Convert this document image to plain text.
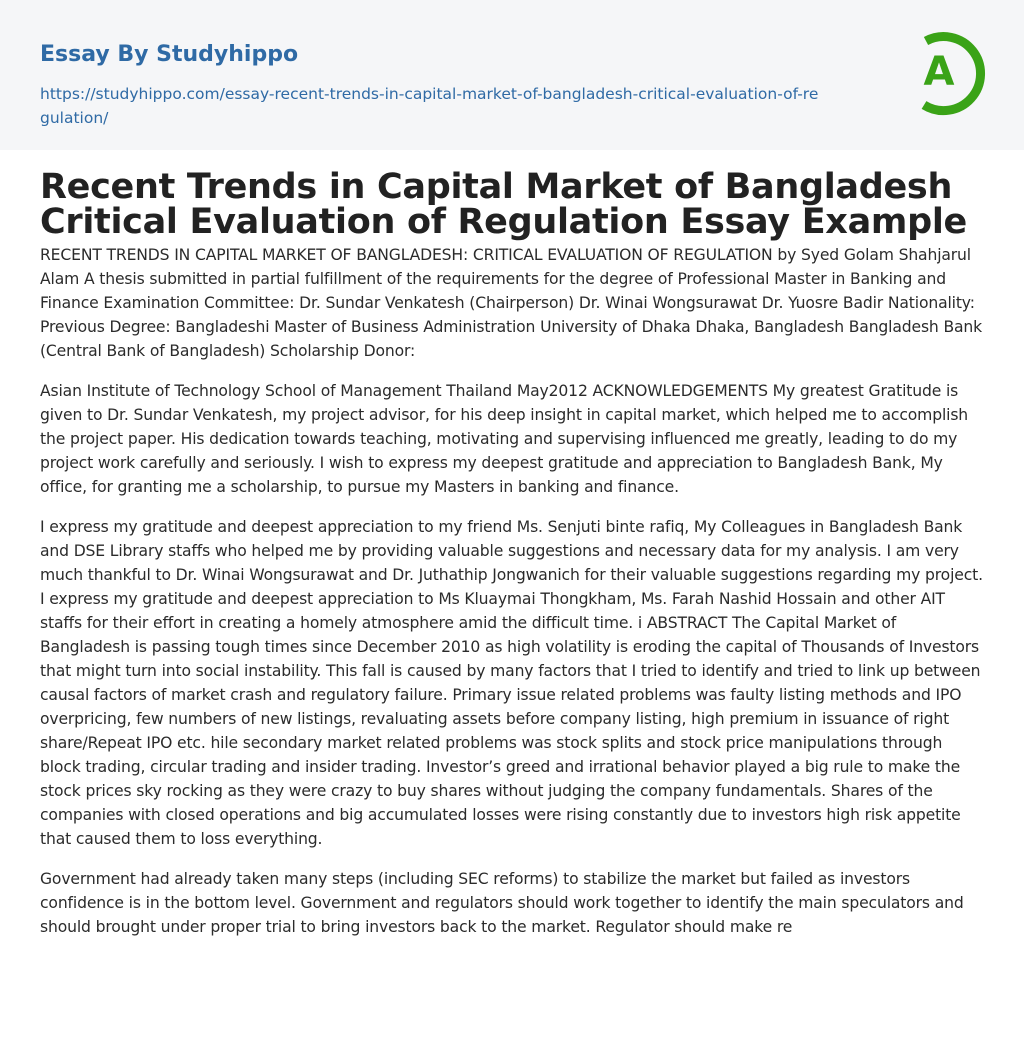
Essay By Studyhippo
https://studyhippo.com/essay-recent-trends-in-capital-market-of-bangladesh-critical-evaluation-of-regulation/
A
Recent Trends in Capital Market of Bangladesh Critical Evaluation of Regulation Essay Example

RECENT TRENDS IN CAPITAL MARKET OF BANGLADESH: CRITICAL EVALUATION OF REGULATION by Syed Golam Shahjarul Alam A thesis submitted in partial fulfillment of the requirements for the degree of Professional Master in Banking and Finance Examination Committee: Dr. Sundar Venkatesh (Chairperson) Dr. Winai Wongsurawat Dr. Yuosre Badir Nationality: Previous Degree: Bangladeshi Master of Business Administration University of Dhaka Dhaka, Bangladesh Bangladesh Bank (Central Bank of Bangladesh) Scholarship Donor:

Asian Institute of Technology School of Management Thailand May2012 ACKNOWLEDGEMENTS My greatest Gratitude is given to Dr. Sundar Venkatesh, my project advisor, for his deep insight in capital market, which helped me to accomplish the project paper. His dedication towards teaching, motivating and supervising influenced me greatly, leading to do my project work carefully and seriously. I wish to express my deepest gratitude and appreciation to Bangladesh Bank, My office, for granting me a scholarship, to pursue my Masters in banking and finance.

I express my gratitude and deepest appreciation to my friend Ms. Senjuti binte rafiq, My Colleagues in Bangladesh Bank and DSE Library staffs who helped me by providing valuable suggestions and necessary data for my analysis. I am very much thankful to Dr. Winai Wongsurawat and Dr. Juthathip Jongwanich for their valuable suggestions regarding my project. I express my gratitude and deepest appreciation to Ms Kluaymai Thongkham, Ms. Farah Nashid Hossain and other AIT staffs for their effort in creating a homely atmosphere amid the difficult time. i ABSTRACT The Capital Market of Bangladesh is passing tough times since December 2010 as high volatility is eroding the capital of Thousands of Investors that might turn into social instability. This fall is caused by many factors that I tried to identify and tried to link up between causal factors of market crash and regulatory failure. Primary issue related problems was faulty listing methods and IPO overpricing, few numbers of new listings, revaluating assets before company listing, high premium in issuance of right share/Repeat IPO etc. hile secondary market related problems was stock splits and stock price manipulations through block trading, circular trading and insider trading. Investor’s greed and irrational behavior played a big rule to make the stock prices sky rocking as they were crazy to buy shares without judging the company fundamentals. Shares of the companies with closed operations and big accumulated losses were rising constantly due to investors high risk appetite that caused them to loss everything.

Government had already taken many steps (including SEC reforms) to stabilize the market but failed as investors confidence is in the bottom level. Government and regulators should work together to identify the main speculators and should brought under proper trial to bring investors back to the market. Regulator should make re
